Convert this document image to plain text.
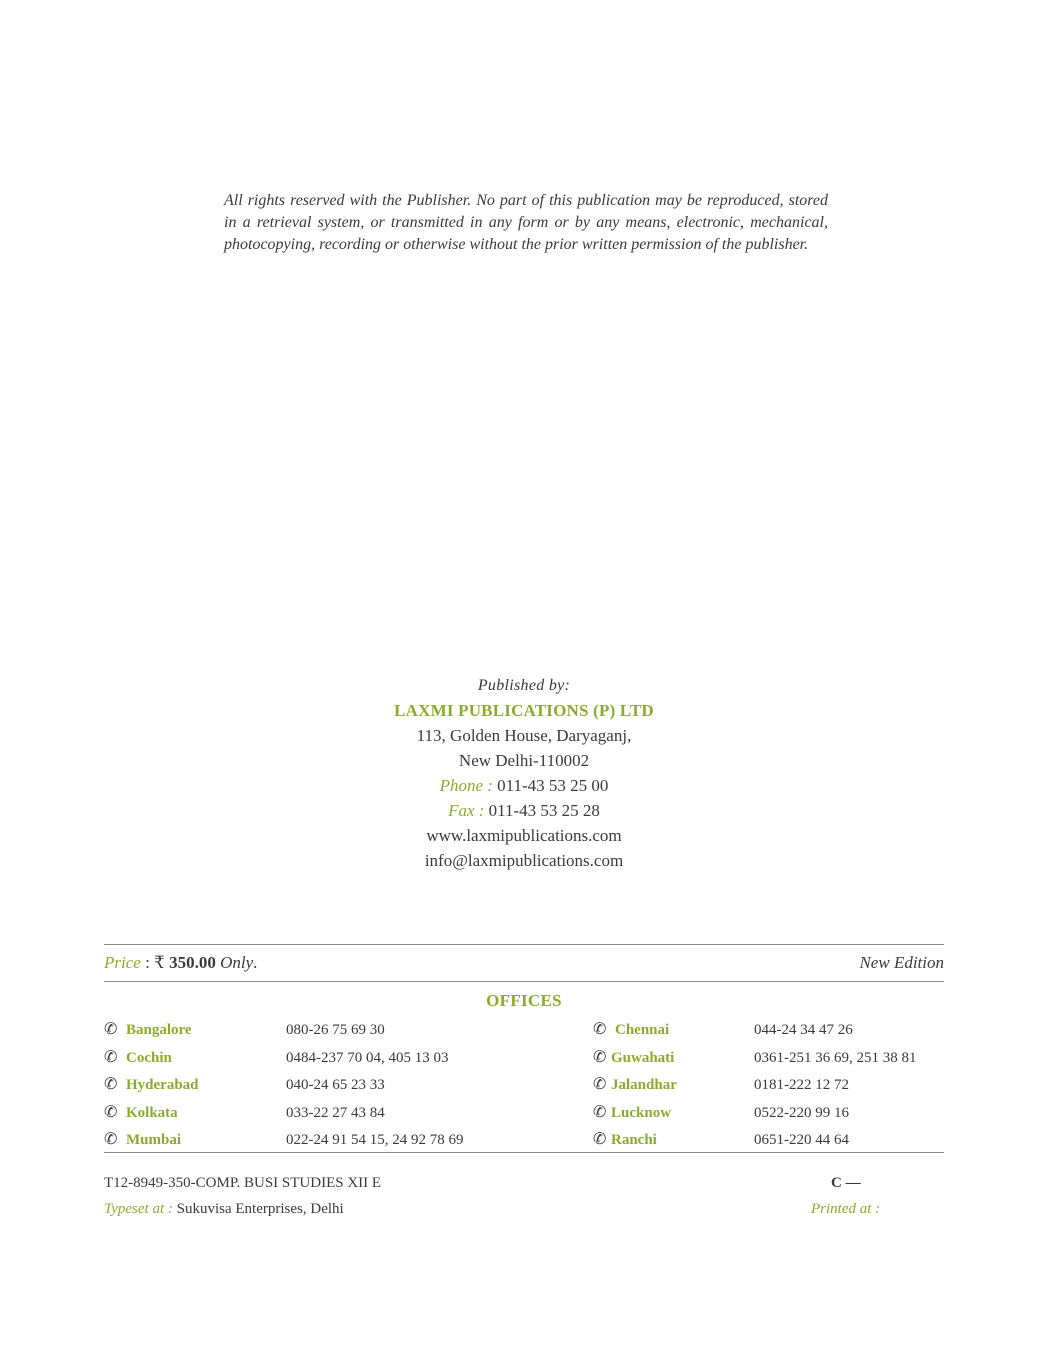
All rights reserved with the Publisher. No part of this publication may be reproduced, stored in a retrieval system, or transmitted in any form or by any means, electronic, mechanical, photocopying, recording or otherwise without the prior written permission of the publisher.
Published by:
LAXMI PUBLICATIONS (P) LTD
113, Golden House, Daryaganj,
New Delhi-110002
Phone : 011-43 53 25 00
Fax : 011-43 53 25 28
www.laxmipublications.com
info@laxmipublications.com
Price : ₹ 350.00 Only.	New Edition
OFFICES
✆ Bangalore	080-26 75 69 30
✆ Cochin	0484-237 70 04, 405 13 03
✆ Hyderabad	040-24 65 23 33
✆ Kolkata	033-22 27 43 84
✆ Mumbai	022-24 91 54 15, 24 92 78 69
✆ Chennai	044-24 34 47 26
✆ Guwahati	0361-251 36 69, 251 38 81
✆ Jalandhar	0181-222 12 72
✆ Lucknow	0522-220 99 16
✆ Ranchi	0651-220 44 64
T12-8949-350-COMP. BUSI STUDIES XII E	C —
Typeset at : Sukuvisa Enterprises, Delhi	Printed at :
